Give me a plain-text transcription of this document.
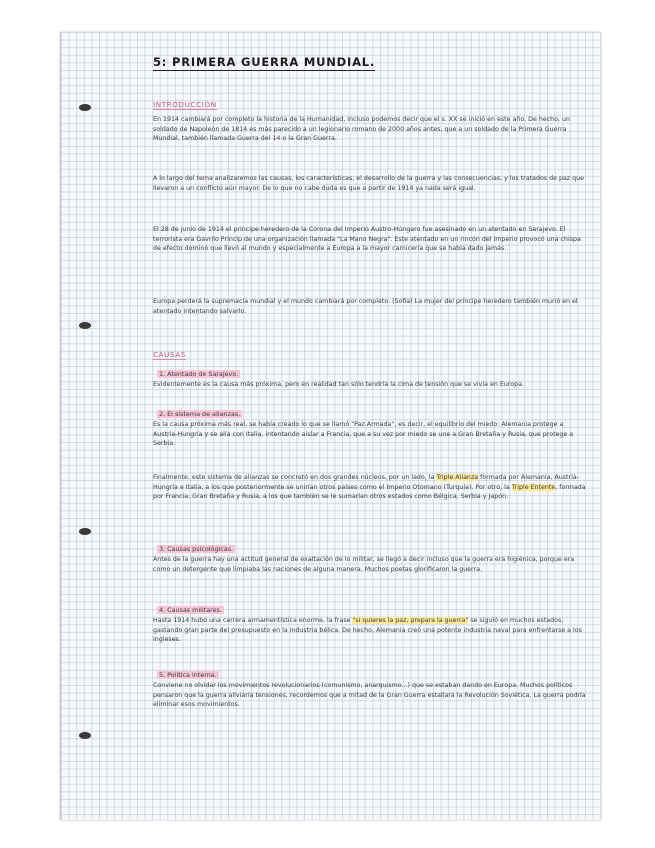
5: PRIMERA GUERRA MUNDIAL.
INTRODUCCIÓN

En 1914 cambiará por completo la historia de la Humanidad, incluso podemos decir que el s. XX se inició en este año. De hecho, un soldado de Napoleón de 1814 es más parecido a un legionario romano de 2000 años antes, que a un soldado de la Primera Guerra Mundial, también llamada Guerra del 14 o la Gran Guerra.

A lo largo del tema analizaremos las causas, los características, el desarrollo de la guerra y las consecuencias, y los tratados de paz que llevaron a un conflicto aún mayor. De lo que no cabe duda es que a partir de 1914 ya nada será igual.

El 28 de junio de 1914 el príncipe heredero de la Corona del Imperio Austro-Húngaro fue asesinado en un atentado en Sarajevo. El terrorista era Gavrilo Princip de una organización llamada "La Mano Negra". Este atentado en un rincón del imperio provocó una chispa de efecto dominó que llevó al mundo y especialmente a Europa a la mayor carnicería que se había dado jamás.

Europa perderá la supremacía mundial y el mundo cambiará por completo. (Sofía) La mujer del príncipe heredero también murió en el atentado intentando salvarlo.

CAUSAS
1. Atentado de Sarajevo.

Evidentemente es la causa más próxima, pero en realidad tan sólo tendría la cima de tensión que se vivía en Europa.

2. El sistema de alianzas.

Es la causa próxima más real, se había creado lo que se llamó "Paz Armada", es decir, el equilibrio del miedo: Alemania protege a Austria-Hungría y se alía con Italia, intentando aislar a Francia, que a su vez por miedo se une a Gran Bretaña y Rusia, que protege a Serbia.

Finalmente, este sistema de alianzas se concretó en dos grandes núcleos, por un lado, la Triple Alianza formada por Alemania, Austria-Hungría e Italia, a los que posteriormente se unirían otros países como el Imperio Otomano (Turquía). Por otro, la Triple Entente, formada por Francia, Gran Bretaña y Rusia, a los que también se le sumarían otros estados como Bélgica, Serbia y Japón.

3. Causas psicológicas.

Antes de la guerra hay una actitud general de exaltación de lo militar, se llegó a decir incluso que la guerra era higiénica, porque era como un detergente que limpiaba las naciones de alguna manera. Muchos poetas glorificaron la guerra.

4. Causas militares.

Hasta 1914 hubo una carrera armamentística enorme, la frase "si quieres la paz, prepara la guerra" se siguió en muchos estados, gastando gran parte del presupuesto en la industria bélica. De hecho, Alemania creó una potente industria naval para enfrentarse a los ingleses.

5. Política interna.

Conviene no olvidar los movimientos revolucionarios (comunismo, anarquismo...) que se estaban dando en Europa. Muchos políticos pensaron que la guerra aliviaría tensiones, recordemos que a mitad de la Gran Guerra estallará la Revolución Soviética. La guerra podría eliminar esos movimientos.
